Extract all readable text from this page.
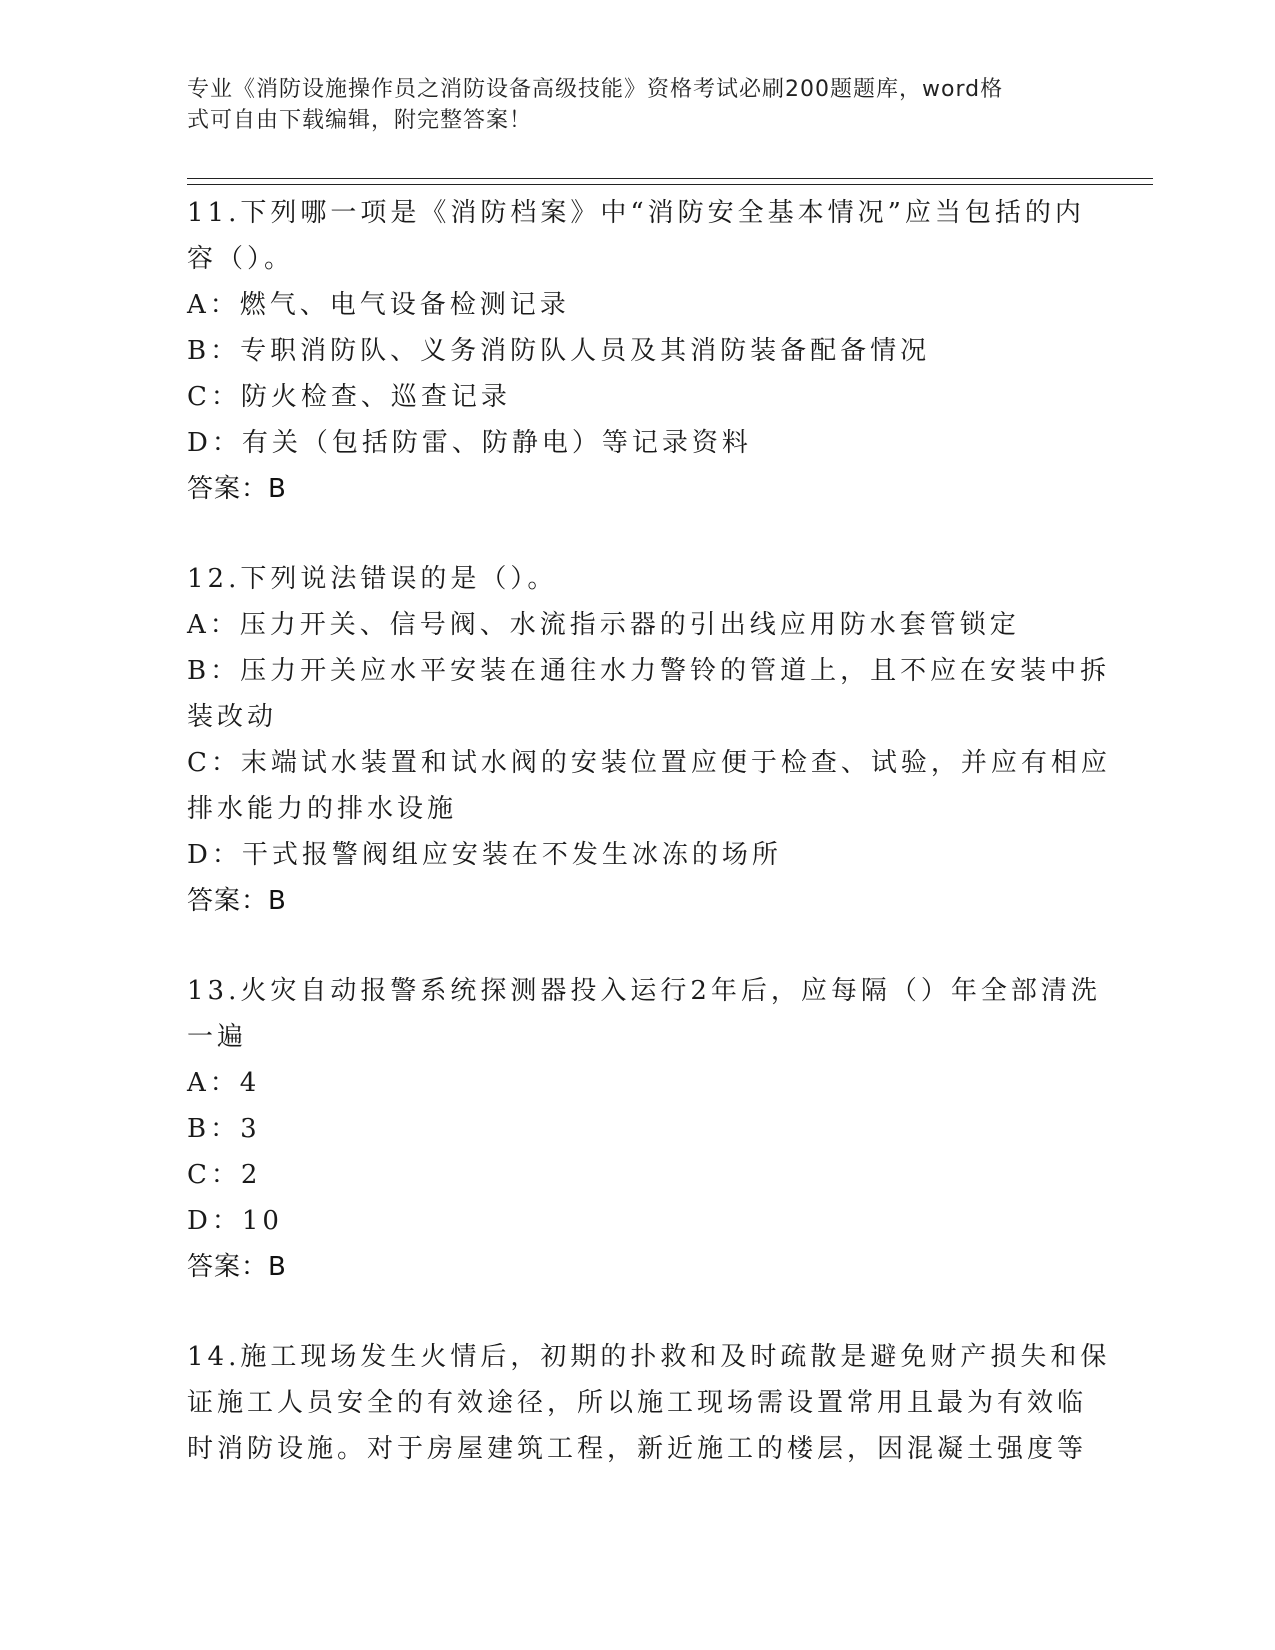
专业《消防设施操作员之消防设备高级技能》资格考试必刷200题题库，word格
式可自由下载编辑，附完整答案！
11.下列哪一项是《消防档案》中“消防安全基本情况”应当包括的内
容（）。
A：燃气、电气设备检测记录
B：专职消防队、义务消防队人员及其消防装备配备情况
C：防火检查、巡查记录
D：有关（包括防雷、防静电）等记录资料
答案：B
12.下列说法错误的是（）。
A：压力开关、信号阀、水流指示器的引出线应用防水套管锁定
B：压力开关应水平安装在通往水力警铃的管道上，且不应在安装中拆
装改动
C：末端试水装置和试水阀的安装位置应便于检查、试验，并应有相应
排水能力的排水设施
D：干式报警阀组应安装在不发生冰冻的场所
答案：B
13.火灾自动报警系统探测器投入运行2年后，应每隔（）年全部清洗
一遍
A：4
B：3
C：2
D：10
答案：B
14.施工现场发生火情后，初期的扑救和及时疏散是避免财产损失和保
证施工人员安全的有效途径，所以施工现场需设置常用且最为有效临
时消防设施。对于房屋建筑工程，新近施工的楼层，因混凝土强度等
